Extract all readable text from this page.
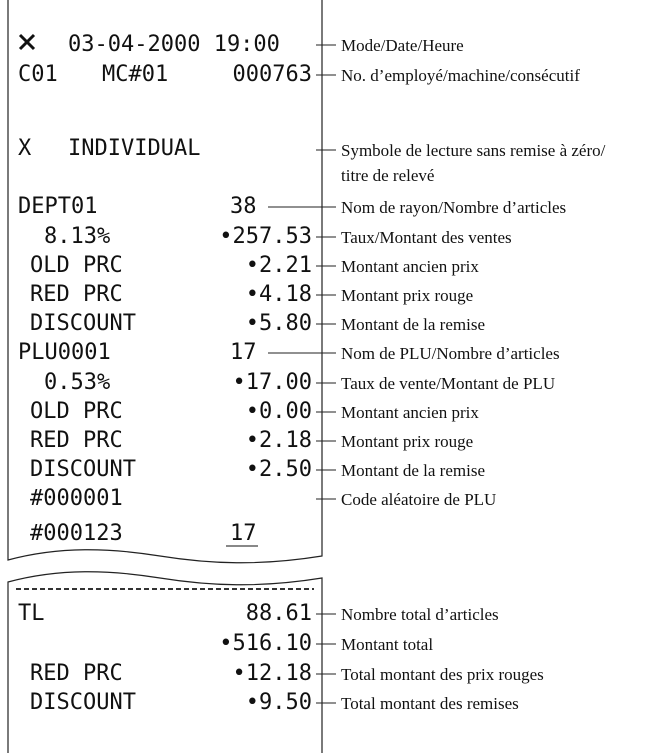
03-04-2000 19:00
C01 MC#01	000763
X INDIVIDUAL
DEPT01	38
8.13%	•257.53
OLD PRC	•2.21
RED PRC	•4.18
DISCOUNT	•5.80
PLU0001	17
0.53%	•17.00
OLD PRC	•0.00
RED PRC	•2.18
DISCOUNT	•2.50
#000001
#000123	17
TL	88.61
•516.10
RED PRC	•12.18
DISCOUNT	•9.50
Mode/Date/Heure
No. d’employé/machine/consécutif
Symbole de lecture sans remise à zéro/
titre de relevé
Nom de rayon/Nombre d’articles
Taux/Montant des ventes
Montant ancien prix
Montant prix rouge
Montant de la remise
Nom de PLU/Nombre d’articles
Taux de vente/Montant de PLU
Montant ancien prix
Montant prix rouge
Montant de la remise
Code aléatoire de PLU
Nombre total d’articles
Montant total
Total montant des prix rouges
Total montant des remises
